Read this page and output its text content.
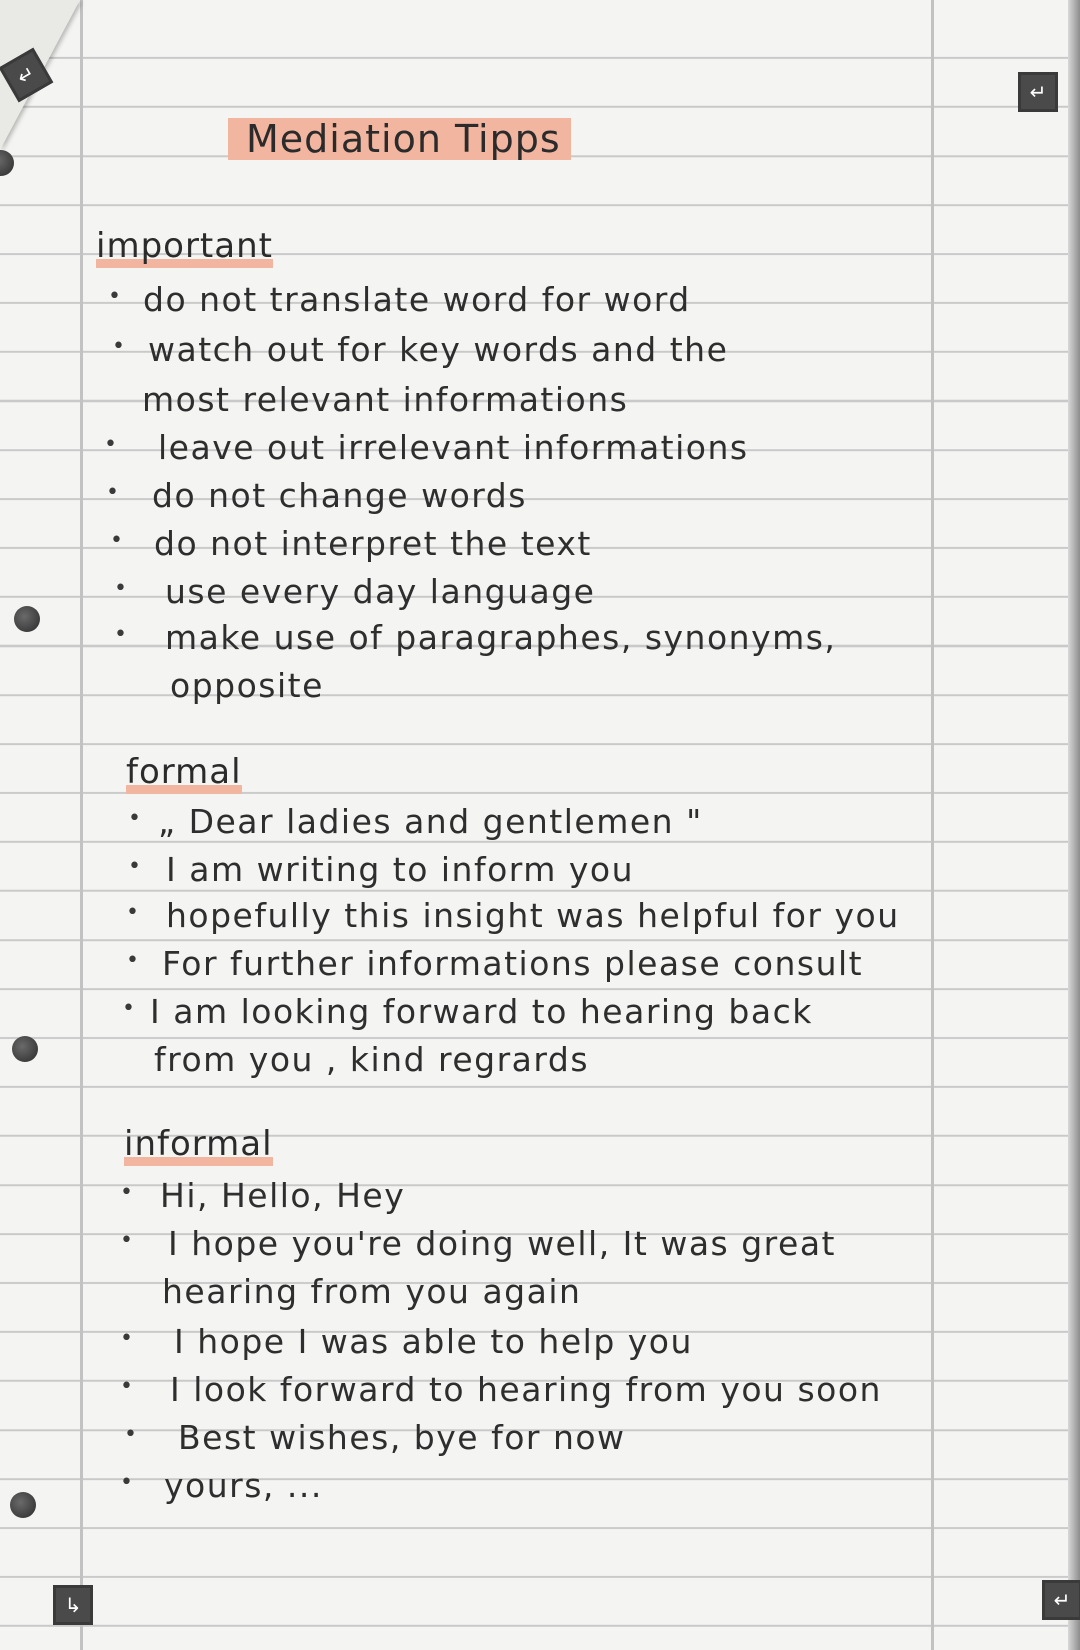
↵
↵
↳	↵
Mediation Tipps
important
• do not translate word for word
• watch out for key words and the
most relevant informations
• leave out irrelevant informations
• do not change words
• do not interpret the text
• use every day language
• make use of paragraphes, synonyms,
opposite
formal
• „ Dear ladies and gentlemen "
• I am writing to inform you
• hopefully this insight was helpful for you
• For further informations please consult
• I am looking forward to hearing back
from you , kind regrards
informal
• Hi, Hello, Hey
• I hope you're doing well, It was great
hearing from you again
• I hope I was able to help you
• I look forward to hearing from you soon
• Best wishes, bye for now
• yours, ...
